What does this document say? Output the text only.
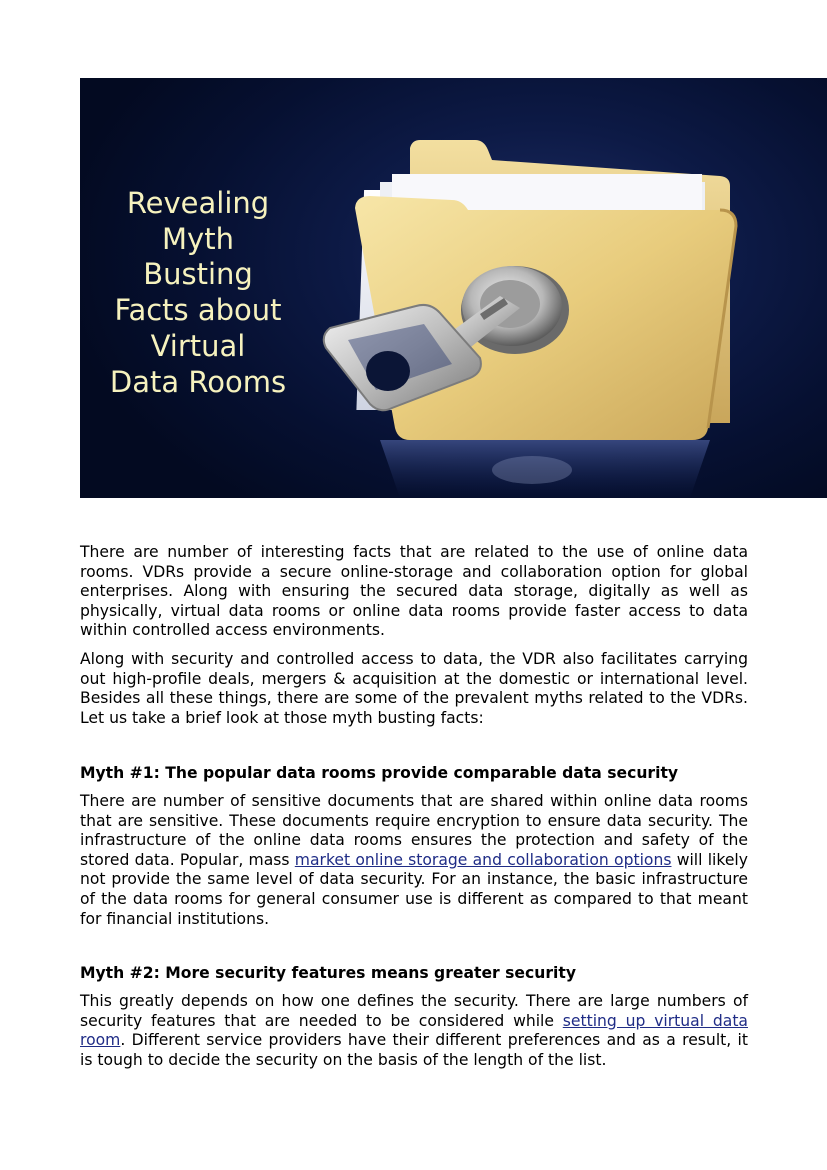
Revealing
Myth
Busting
Facts about
Virtual
Data Rooms

There are number of interesting facts that are related to the use of online data rooms. VDRs provide a secure online-storage and collaboration option for global enterprises. Along with ensuring the secured data storage, digitally as well as physically, virtual data rooms or online data rooms provide faster access to data within controlled access environments.

Along with security and controlled access to data, the VDR also facilitates carrying out high-profile deals, mergers & acquisition at the domestic or international level. Besides all these things, there are some of the prevalent myths related to the VDRs. Let us take a brief look at those myth busting facts:

Myth #1: The popular data rooms provide comparable data security

There are number of sensitive documents that are shared within online data rooms that are sensitive. These documents require encryption to ensure data security. The infrastructure of the online data rooms ensures the protection and safety of the stored data. Popular, mass market online storage and collaboration options will likely not provide the same level of data security. For an instance, the basic infrastructure of the data rooms for general consumer use is different as compared to that meant for financial institutions.

Myth #2: More security features means greater security

This greatly depends on how one defines the security. There are large numbers of security features that are needed to be considered while setting up virtual data room. Different service providers have their different preferences and as a result, it is tough to decide the security on the basis of the length of the list.
